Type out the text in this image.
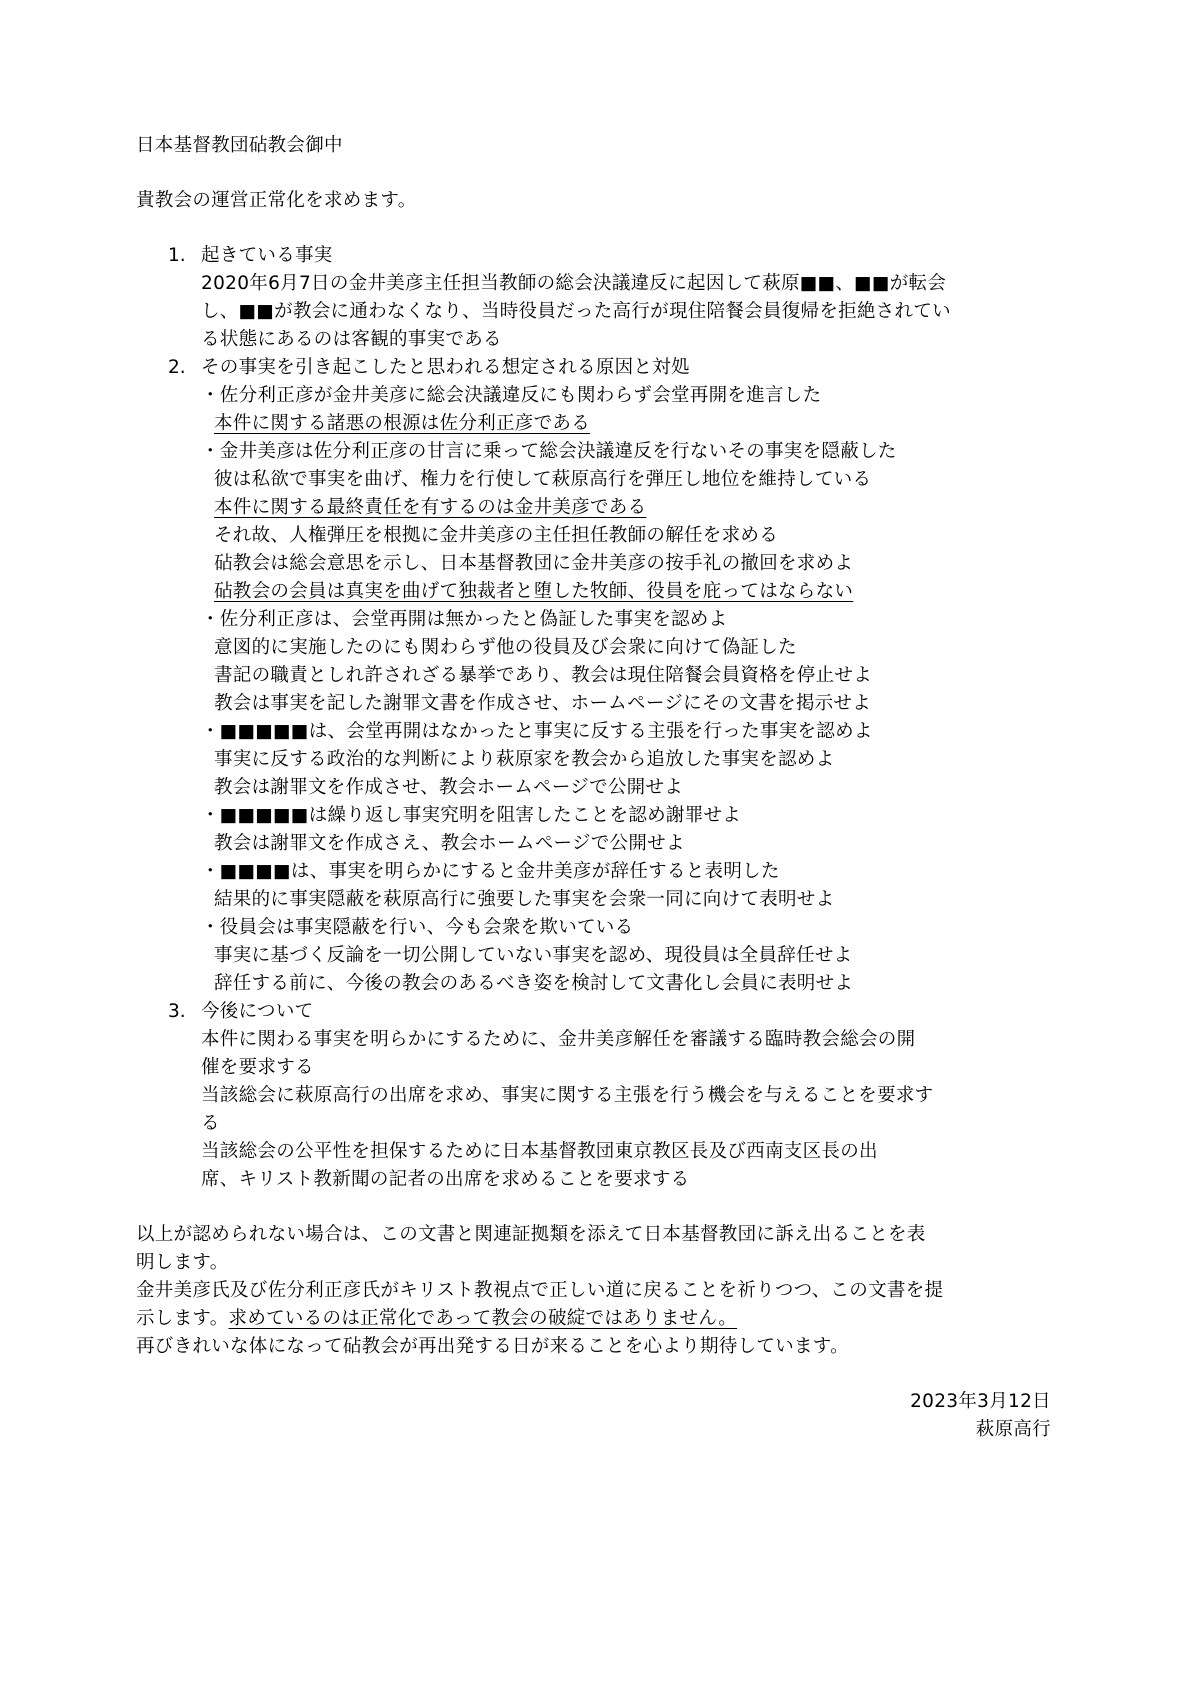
日本基督教団砧教会御中
貴教会の運営正常化を求めます。
1. 起きている事実
2020年6月7日の金井美彦主任担当教師の総会決議違反に起因して萩原■■、■■が転会
し、■■が教会に通わなくなり、当時役員だった高行が現住陪餐会員復帰を拒絶されてい
る状態にあるのは客観的事実である
2. その事実を引き起こしたと思われる想定される原因と対処
・佐分利正彦が金井美彦に総会決議違反にも関わらず会堂再開を進言した
本件に関する諸悪の根源は佐分利正彦である
・金井美彦は佐分利正彦の甘言に乗って総会決議違反を行ないその事実を隠蔽した
彼は私欲で事実を曲げ、権力を行使して萩原高行を弾圧し地位を維持している
本件に関する最終責任を有するのは金井美彦である
それ故、人権弾圧を根拠に金井美彦の主任担任教師の解任を求める
砧教会は総会意思を示し、日本基督教団に金井美彦の按手礼の撤回を求めよ
砧教会の会員は真実を曲げて独裁者と堕した牧師、役員を庇ってはならない
・佐分利正彦は、会堂再開は無かったと偽証した事実を認めよ
意図的に実施したのにも関わらず他の役員及び会衆に向けて偽証した
書記の職責としれ許されざる暴挙であり、教会は現住陪餐会員資格を停止せよ
教会は事実を記した謝罪文書を作成させ、ホームページにその文書を掲示せよ
・■■■■■は、会堂再開はなかったと事実に反する主張を行った事実を認めよ
事実に反する政治的な判断により萩原家を教会から追放した事実を認めよ
教会は謝罪文を作成させ、教会ホームページで公開せよ
・■■■■■は繰り返し事実究明を阻害したことを認め謝罪せよ
教会は謝罪文を作成さえ、教会ホームページで公開せよ
・■■■■は、事実を明らかにすると金井美彦が辞任すると表明した
結果的に事実隠蔽を萩原高行に強要した事実を会衆一同に向けて表明せよ
・役員会は事実隠蔽を行い、今も会衆を欺いている
事実に基づく反論を一切公開していない事実を認め、現役員は全員辞任せよ
辞任する前に、今後の教会のあるべき姿を検討して文書化し会員に表明せよ
3. 今後について
本件に関わる事実を明らかにするために、金井美彦解任を審議する臨時教会総会の開
催を要求する
当該総会に萩原高行の出席を求め、事実に関する主張を行う機会を与えることを要求す
る
当該総会の公平性を担保するために日本基督教団東京教区長及び西南支区長の出
席、キリスト教新聞の記者の出席を求めることを要求する
以上が認められない場合は、この文書と関連証拠類を添えて日本基督教団に訴え出ることを表
明します。
金井美彦氏及び佐分利正彦氏がキリスト教視点で正しい道に戻ることを祈りつつ、この文書を提
示します。求めているのは正常化であって教会の破綻ではありません。
再びきれいな体になって砧教会が再出発する日が来ることを心より期待しています。
2023年3月12日
萩原高行
